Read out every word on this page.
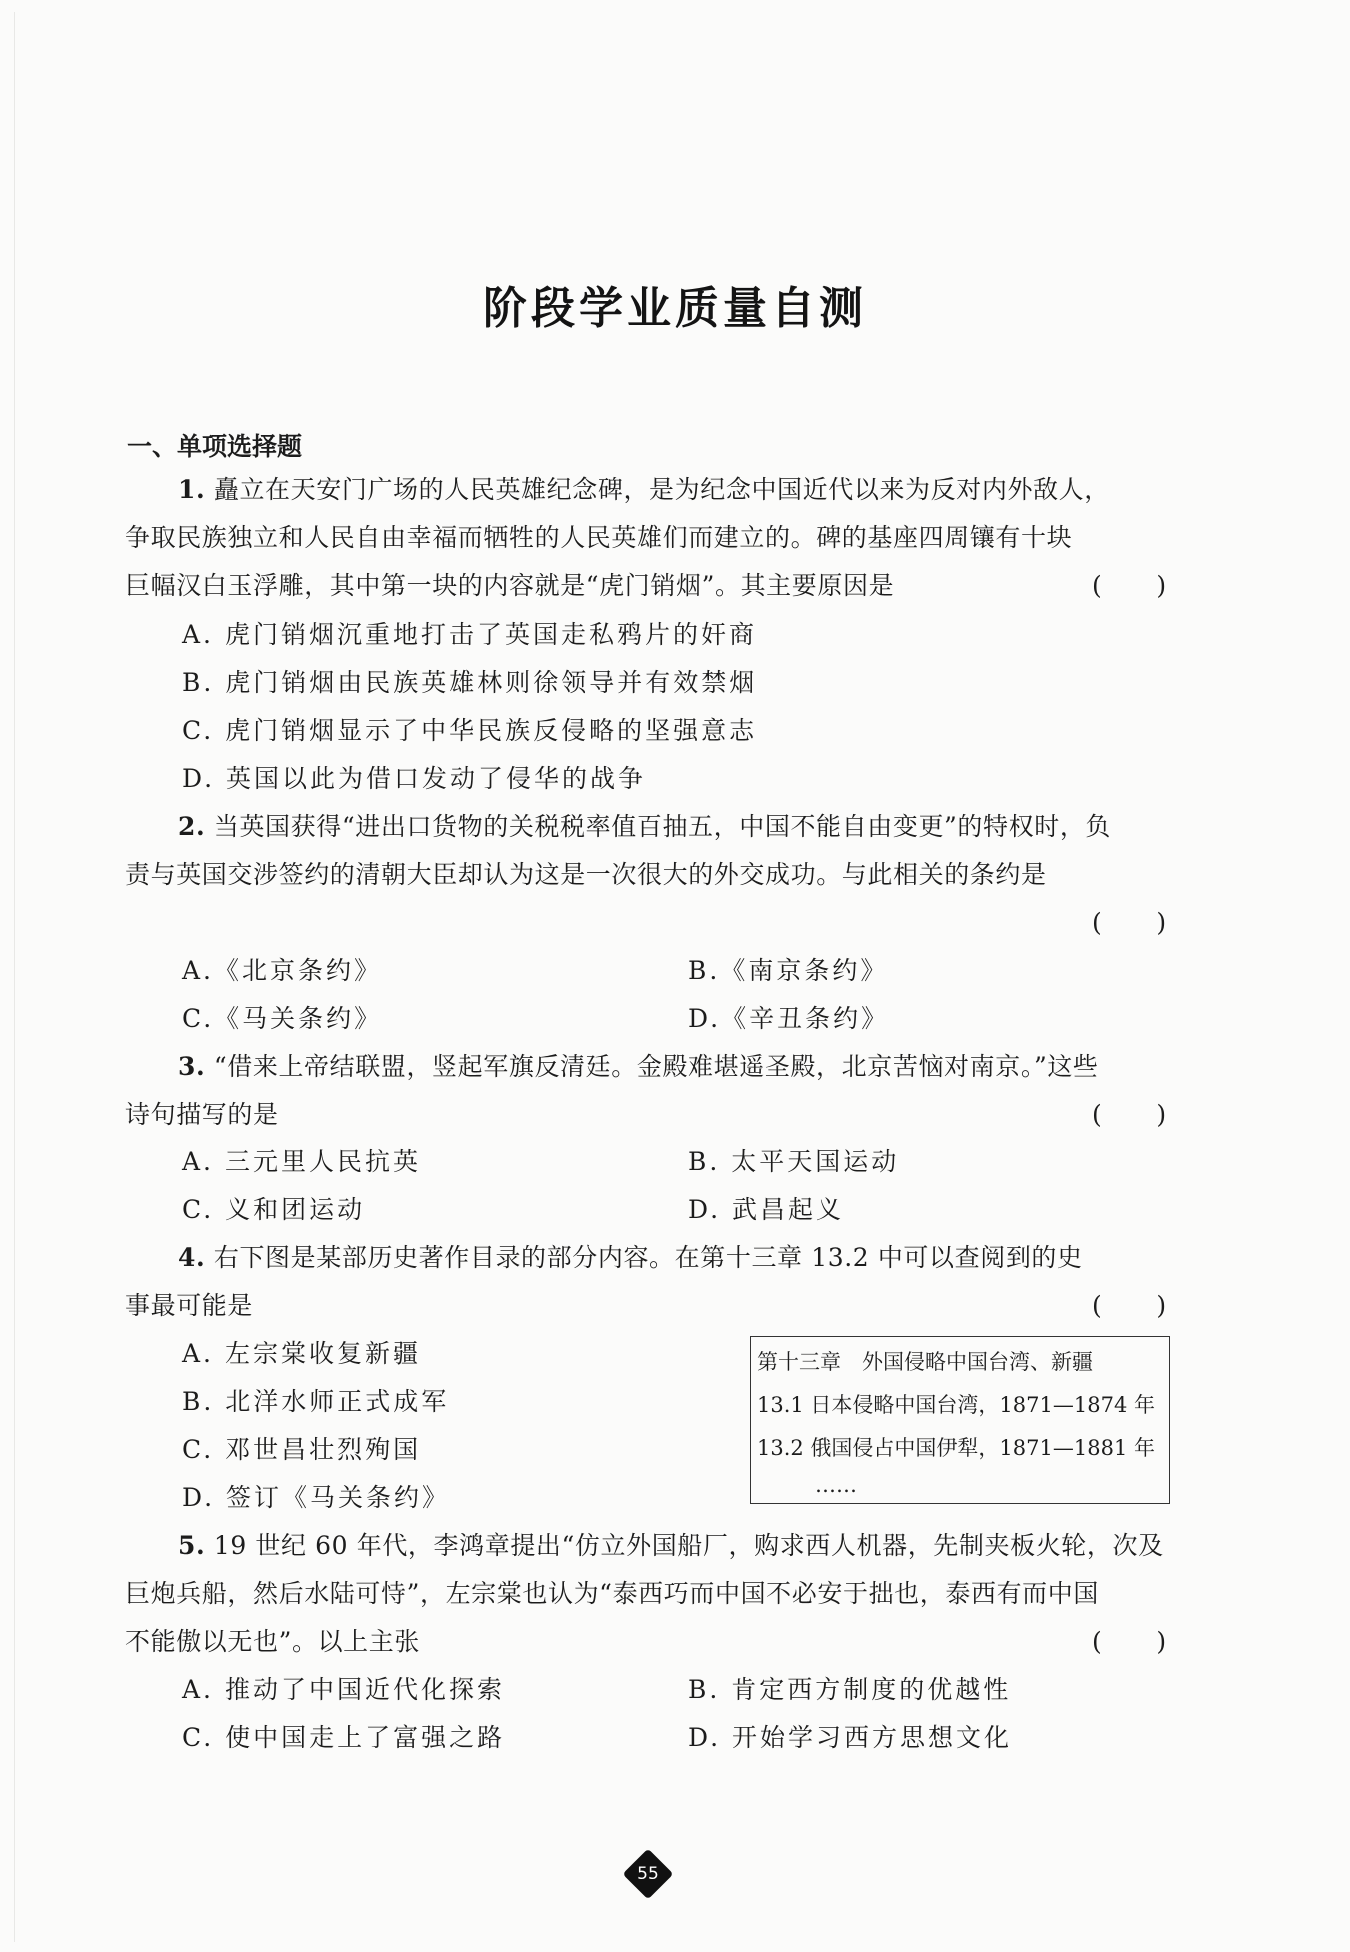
阶段学业质量自测
一、单项选择题
1. 矗立在天安门广场的人民英雄纪念碑，是为纪念中国近代以来为反对内外敌人，
争取民族独立和人民自由幸福而牺牲的人民英雄们而建立的。碑的基座四周镶有十块
巨幅汉白玉浮雕，其中第一块的内容就是“虎门销烟”。其主要原因是	(      )
A. 虎门销烟沉重地打击了英国走私鸦片的奸商
B. 虎门销烟由民族英雄林则徐领导并有效禁烟
C. 虎门销烟显示了中华民族反侵略的坚强意志
D. 英国以此为借口发动了侵华的战争
2. 当英国获得“进出口货物的关税税率值百抽五，中国不能自由变更”的特权时，负
责与英国交涉签约的清朝大臣却认为这是一次很大的外交成功。与此相关的条约是
(      )
A.《北京条约》	B.《南京条约》
C.《马关条约》	D.《辛丑条约》
3. “借来上帝结联盟，竖起军旗反清廷。金殿难堪遥圣殿，北京苦恼对南京。”这些
诗句描写的是	(      )
A. 三元里人民抗英	B. 太平天国运动
C. 义和团运动	D. 武昌起义
4. 右下图是某部历史著作目录的部分内容。在第十三章 13.2 中可以查阅到的史
事最可能是	(      )
A. 左宗棠收复新疆
B. 北洋水师正式成军
C. 邓世昌壮烈殉国
D. 签订《马关条约》
第十三章　外国侵略中国台湾、新疆
13.1 日本侵略中国台湾，1871—1874 年
13.2 俄国侵占中国伊犁，1871—1881 年
……
5. 19 世纪 60 年代，李鸿章提出“仿立外国船厂，购求西人机器，先制夹板火轮，次及
巨炮兵船，然后水陆可恃”，左宗棠也认为“泰西巧而中国不必安于拙也，泰西有而中国
不能傲以无也”。以上主张	(      )
A. 推动了中国近代化探索	B. 肯定西方制度的优越性
C. 使中国走上了富强之路	D. 开始学习西方思想文化
55
